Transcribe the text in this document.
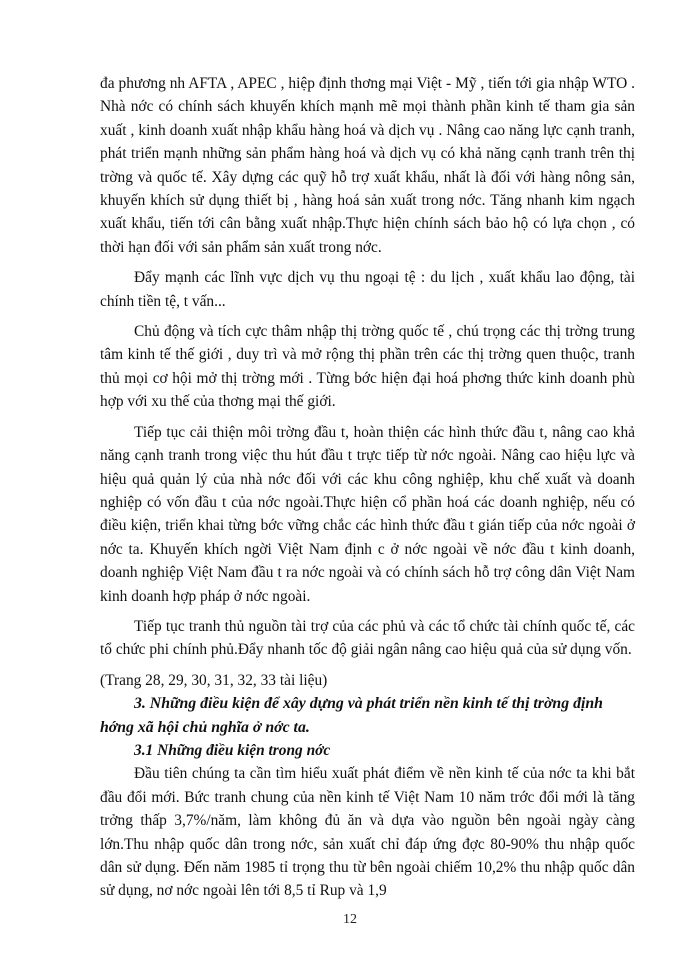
đa phương nh AFTA , APEC , hiệp định thơng mại Việt - Mỹ , tiến tới gia nhập WTO . Nhà nớc có chính sách khuyến khích mạnh mẽ mọi thành phần kinh tế tham gia sản xuất , kinh doanh xuất nhập khẩu hàng hoá và dịch vụ . Nâng cao năng lực cạnh tranh, phát triển mạnh những sản phẩm hàng hoá và dịch vụ có khả năng cạnh tranh trên thị trờng và quốc tế. Xây dựng các quỹ hỗ trợ xuất khẩu, nhất là đối với hàng nông sản, khuyến khích sử dụng thiết bị , hàng hoá sản xuất trong nớc. Tăng nhanh kim ngạch xuất khẩu, tiến tới cân bằng xuất nhập.Thực hiện chính sách bảo hộ có lựa chọn , có thời hạn đối với sản phẩm sản xuất trong nớc.

Đẩy mạnh các lĩnh vực dịch vụ thu ngoại tệ : du lịch , xuất khẩu lao động, tài chính tiền tệ, t vấn...

Chủ động và tích cực thâm nhập thị trờng quốc tế , chú trọng các thị trờng trung tâm kinh tế thế giới , duy trì và mở rộng thị phần trên các thị trờng quen thuộc, tranh thủ mọi cơ hội mở thị trờng mới . Từng bớc hiện đại hoá phơng thức kinh doanh phù hợp với xu thế của thơng mại thế giới.

Tiếp tục cải thiện môi trờng đầu t, hoàn thiện các hình thức đầu t, nâng cao khả năng cạnh tranh trong việc thu hút đầu t trực tiếp từ nớc ngoài. Nâng cao hiệu lực và hiệu quả quản lý của nhà nớc đối với các khu công nghiệp, khu chế xuất và doanh nghiệp có vốn đầu t của nớc ngoài.Thực hiện cổ phần hoá các doanh nghiệp, nếu có điều kiện, triển khai từng bớc vững chắc các hình thức đầu t gián tiếp của nớc ngoài ở nớc ta. Khuyến khích ngời Việt Nam định c ở nớc ngoài về nớc đầu t kinh doanh, doanh nghiệp Việt Nam đầu t ra nớc ngoài và có chính sách hỗ trợ công dân Việt Nam kinh doanh hợp pháp ở nớc ngoài.

Tiếp tục tranh thủ nguồn tài trợ của các phủ và các tổ chức tài chính quốc tế, các tổ chức phi chính phủ.Đẩy nhanh tốc độ giải ngân nâng cao hiệu quả của sử dụng vốn.

(Trang 28, 29, 30, 31, 32, 33 tài liệu)

3. Những điều kiện để xây dựng và phát triển nền kinh tế thị trờng định hớng xã hội chủ nghĩa ở nớc ta.

3.1 Những điều kiện trong nớc

Đầu tiên chúng ta cần tìm hiểu xuất phát điểm về nền kinh tế của nớc ta khi bắt đầu đổi mới. Bức tranh chung của nền kinh tế Việt Nam 10 năm trớc đổi mới là tăng trởng thấp 3,7%/năm, làm không đủ ăn và dựa vào nguồn bên ngoài ngày càng lớn.Thu nhập quốc dân trong nớc, sản xuất chỉ đáp ứng đợc 80-90% thu nhập quốc dân sử dụng. Đến năm 1985 tỉ trọng thu từ bên ngoài chiếm 10,2% thu nhập quốc dân sử dụng, nơ nớc ngoài lên tới 8,5 tỉ Rup và 1,9

12
